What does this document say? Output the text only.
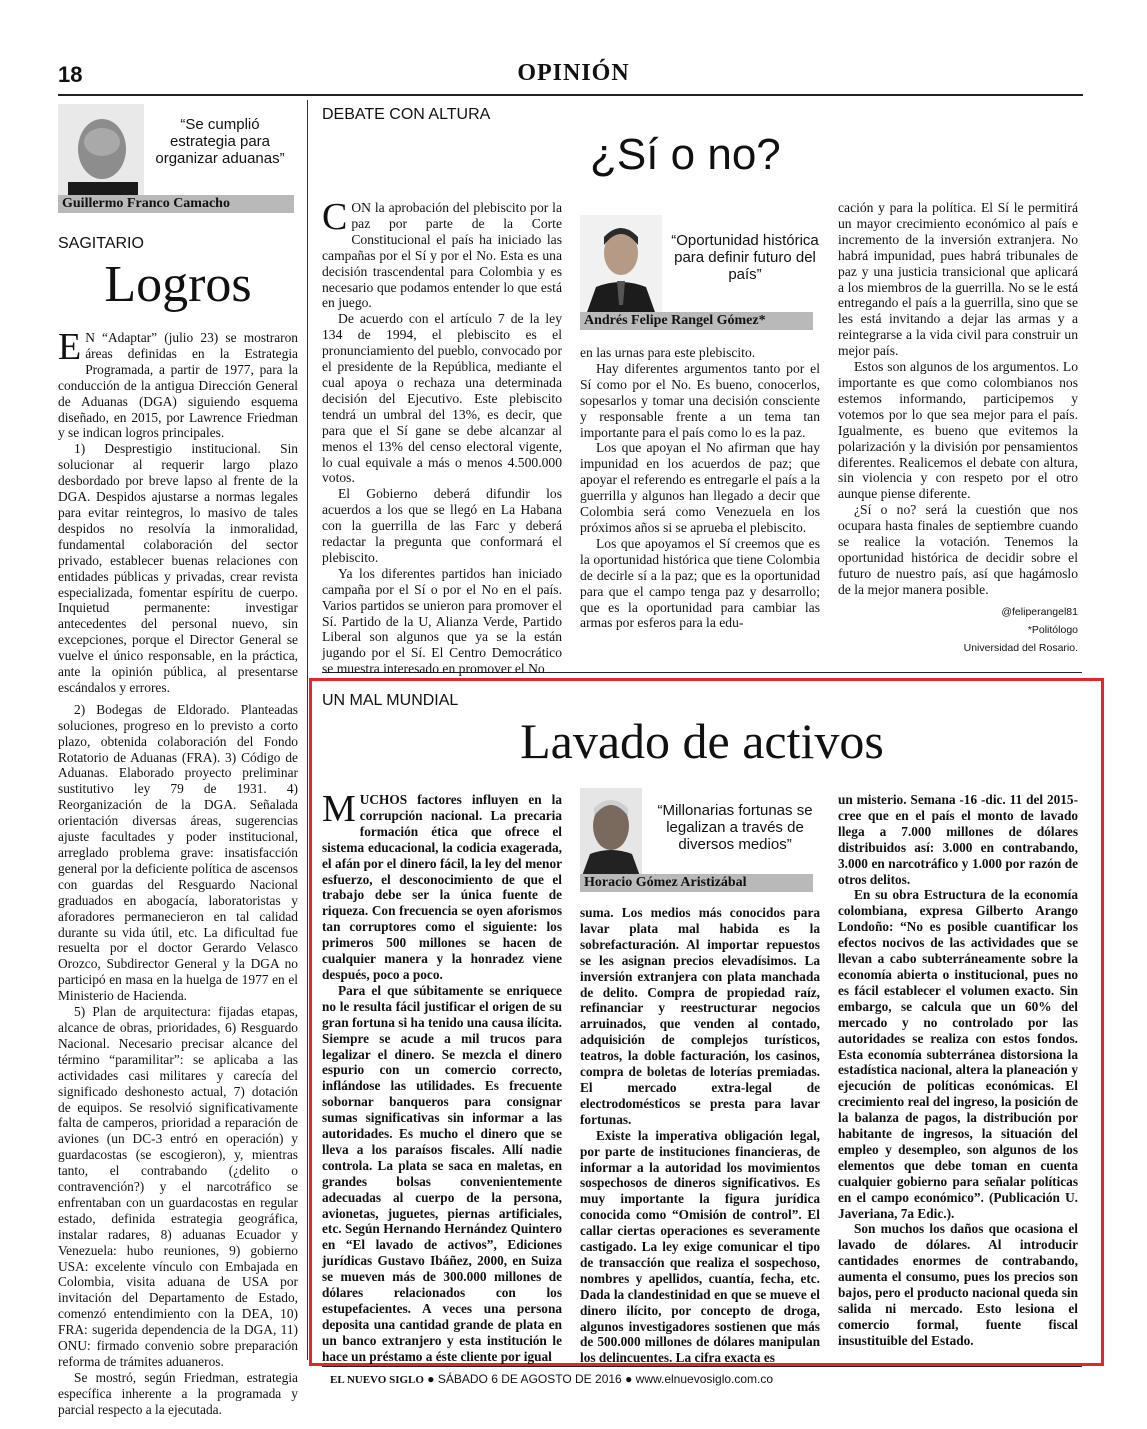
18	OPINIÓN
“Se cumplió estrategia para organizar aduanas”
Guillermo Franco Camacho
SAGITARIO
Logros
E N “Adaptar” (julio 23) se mostraron áreas definidas en la Estrategia Programada, a partir de 1977, para la conducción de la antigua Dirección General de Aduanas (DGA) siguiendo esquema diseñado, en 2015, por Lawrence Friedman y se indican logros principales.

1) Desprestigio institucional. Sin solucionar al requerir largo plazo desbordado por breve lapso al frente de la DGA. Despidos ajustarse a normas legales para evitar reintegros, lo masivo de tales despidos no resolvía la inmoralidad, fundamental colaboración del sector privado, establecer buenas relaciones con entidades públicas y privadas, crear revista especializada, fomentar espíritu de cuerpo. Inquietud permanente: investigar antecedentes del personal nuevo, sin excepciones, porque el Director General se vuelve el único responsable, en la práctica, ante la opinión pública, al presentarse escándalos y errores.

2) Bodegas de Eldorado. Planteadas soluciones, progreso en lo previsto a corto plazo, obtenida colaboración del Fondo Rotatorio de Aduanas (FRA). 3) Código de Aduanas. Elaborado proyecto preliminar sustitutivo ley 79 de 1931. 4) Reorganización de la DGA. Señalada orientación diversas áreas, sugerencias ajuste facultades y poder institucional, arreglado problema grave: insatisfacción general por la deficiente política de ascensos con guardas del Resguardo Nacional graduados en abogacía, laboratoristas y aforadores permanecieron en tal calidad durante su vida útil, etc. La dificultad fue resuelta por el doctor Gerardo Velasco Orozco, Subdirector General y la DGA no participó en masa en la huelga de 1977 en el Ministerio de Hacienda.

5) Plan de arquitectura: fijadas etapas, alcance de obras, prioridades, 6) Resguardo Nacional. Necesario precisar alcance del término “paramilitar”: se aplicaba a las actividades casi militares y carecía del significado deshonesto actual, 7) dotación de equipos. Se resolvió significativamente falta de camperos, prioridad a reparación de aviones (un DC-3 entró en operación) y guardacostas (se escogieron), y, mientras tanto, el contrabando (¿delito o contravención?) y el narcotráfico se enfrentaban con un guardacostas en regular estado, definida estrategia geográfica, instalar radares, 8) aduanas Ecuador y Venezuela: hubo reuniones, 9) gobierno USA: excelente vínculo con Embajada en Colombia, visita aduana de USA por invitación del Departamento de Estado, comenzó entendimiento con la DEA, 10) FRA: sugerida dependencia de la DGA, 11) ONU: firmado convenio sobre preparación reforma de trámites aduaneros.

Se mostró, según Friedman, estrategia específica inherente a la programada y parcial respecto a la ejecutada.

DEBATE CON ALTURA
¿Sí o no?
C ON la aprobación del plebiscito por la paz por parte de la Corte Constitucional el país ha iniciado las campañas por el Sí y por el No. Esta es una decisión trascendental para Colombia y es necesario que podamos entender lo que está en juego.

De acuerdo con el artículo 7 de la ley 134 de 1994, el plebiscito es el pronunciamiento del pueblo, convocado por el presidente de la República, mediante el cual apoya o rechaza una determinada decisión del Ejecutivo. Este plebiscito tendrá un umbral del 13%, es decir, que para que el Sí gane se debe alcanzar al menos el 13% del censo electoral vigente, lo cual equivale a más o menos 4.500.000 votos.

El Gobierno deberá difundir los acuerdos a los que se llegó en La Habana con la guerrilla de las Farc y deberá redactar la pregunta que conformará el plebiscito.

Ya los diferentes partidos han iniciado campaña por el Sí o por el No en el país. Varios partidos se unieron para promover el Sí. Partido de la U, Alianza Verde, Partido Liberal son algunos que ya se la están jugando por el Sí. El Centro Democrático se muestra interesado en promover el No

“Oportunidad histórica para definir futuro del país”
Andrés Felipe Rangel Gómez*

en las urnas para este plebiscito.

Hay diferentes argumentos tanto por el Sí como por el No. Es bueno, conocerlos, sopesarlos y tomar una decisión consciente y responsable frente a un tema tan importante para el país como lo es la paz.

Los que apoyan el No afirman que hay impunidad en los acuerdos de paz; que apoyar el referendo es entregarle el país a la guerrilla y algunos han llegado a decir que Colombia será como Venezuela en los próximos años si se aprueba el plebiscito.

Los que apoyamos el Sí creemos que es la oportunidad histórica que tiene Colombia de decirle sí a la paz; que es la oportunidad para que el campo tenga paz y desarrollo; que es la oportunidad para cambiar las armas por esferos para la edu-

cación y para la política. El Sí le permitirá un mayor crecimiento económico al país e incremento de la inversión extranjera. No habrá impunidad, pues habrá tribunales de paz y una justicia transicional que aplicará a los miembros de la guerrilla. No se le está entregando el país a la guerrilla, sino que se les está invitando a dejar las armas y a reintegrarse a la vida civil para construir un mejor país.

Estos son algunos de los argumentos. Lo importante es que como colombianos nos estemos informando, participemos y votemos por lo que sea mejor para el país. Igualmente, es bueno que evitemos la polarización y la división por pensamientos diferentes. Realicemos el debate con altura, sin violencia y con respeto por el otro aunque piense diferente.

¿Sí o no? será la cuestión que nos ocupara hasta finales de septiembre cuando se realice la votación. Tenemos la oportunidad histórica de decidir sobre el futuro de nuestro país, así que hagámoslo de la mejor manera posible.

@feliperangel81
*Politólogo
Universidad del Rosario.
UN MAL MUNDIAL
Lavado de activos
M UCHOS factores influyen en la corrupción nacional. La precaria formación ética que ofrece el sistema educacional, la codicia exagerada, el afán por el dinero fácil, la ley del menor esfuerzo, el desconocimiento de que el trabajo debe ser la única fuente de riqueza. Con frecuencia se oyen aforismos tan corruptores como el siguiente: los primeros 500 millones se hacen de cualquier manera y la honradez viene después, poco a poco.

Para el que súbitamente se enriquece no le resulta fácil justificar el origen de su gran fortuna si ha tenido una causa ilícita. Siempre se acude a mil trucos para legalizar el dinero. Se mezcla el dinero espurio con un comercio correcto, inflándose las utilidades. Es frecuente sobornar banqueros para consignar sumas significativas sin informar a las autoridades. Es mucho el dinero que se lleva a los paraísos fiscales. Allí nadie controla. La plata se saca en maletas, en grandes bolsas convenientemente adecuadas al cuerpo de la persona, avionetas, juguetes, piernas artificiales, etc. Según Hernando Hernández Quintero en “El lavado de activos”, Ediciones jurídicas Gustavo Ibáñez, 2000, en Suiza se mueven más de 300.000 millones de dólares relacionados con los estupefacientes. A veces una persona deposita una cantidad grande de plata en un banco extranjero y esta institución le hace un préstamo a éste cliente por igual

“Millonarias fortunas se legalizan a través de diversos medios”
Horacio Gómez Aristizábal

suma. Los medios más conocidos para lavar plata mal habida es la sobrefacturación. Al importar repuestos se les asignan precios elevadísimos. La inversión extranjera con plata manchada de delito. Compra de propiedad raíz, refinanciar y reestructurar negocios arruinados, que venden al contado, adquisición de complejos turísticos, teatros, la doble facturación, los casinos, compra de boletas de loterías premiadas. El mercado extra-legal de electrodomésticos se presta para lavar fortunas.

Existe la imperativa obligación legal, por parte de instituciones financieras, de informar a la autoridad los movimientos sospechosos de dineros significativos. Es muy importante la figura jurídica conocida como “Omisión de control”. El callar ciertas operaciones es severamente castigado. La ley exige comunicar el tipo de transacción que realiza el sospechoso, nombres y apellidos, cuantía, fecha, etc. Dada la clandestinidad en que se mueve el dinero ilícito, por concepto de droga, algunos investigadores sostienen que más de 500.000 millones de dólares manipulan los delincuentes. La cifra exacta es

un misterio. Semana -16 -dic. 11 del 2015- cree que en el país el monto de lavado llega a 7.000 millones de dólares distribuidos así: 3.000 en contrabando, 3.000 en narcotráfico y 1.000 por razón de otros delitos.

En su obra Estructura de la economía colombiana, expresa Gilberto Arango Londoño: “No es posible cuantificar los efectos nocivos de las actividades que se llevan a cabo subterráneamente sobre la economía abierta o institucional, pues no es fácil establecer el volumen exacto. Sin embargo, se calcula que un 60% del mercado y no controlado por las autoridades se realiza con estos fondos. Esta economía subterránea distorsiona la estadística nacional, altera la planeación y ejecución de políticas económicas. El crecimiento real del ingreso, la posición de la balanza de pagos, la distribución por habitante de ingresos, la situación del empleo y desempleo, son algunos de los elementos que debe toman en cuenta cualquier gobierno para señalar políticas en el campo económico”. (Publicación U. Javeriana, 7a Edic.).

Son muchos los daños que ocasiona el lavado de dólares. Al introducir cantidades enormes de contrabando, aumenta el consumo, pues los precios son bajos, pero el producto nacional queda sin salida ni mercado. Esto lesiona el comercio formal, fuente fiscal insustituible del Estado.

EL NUEVO SIGLO ● SÁBADO 6 DE AGOSTO DE 2016 ● www.elnuevosiglo.com.co
